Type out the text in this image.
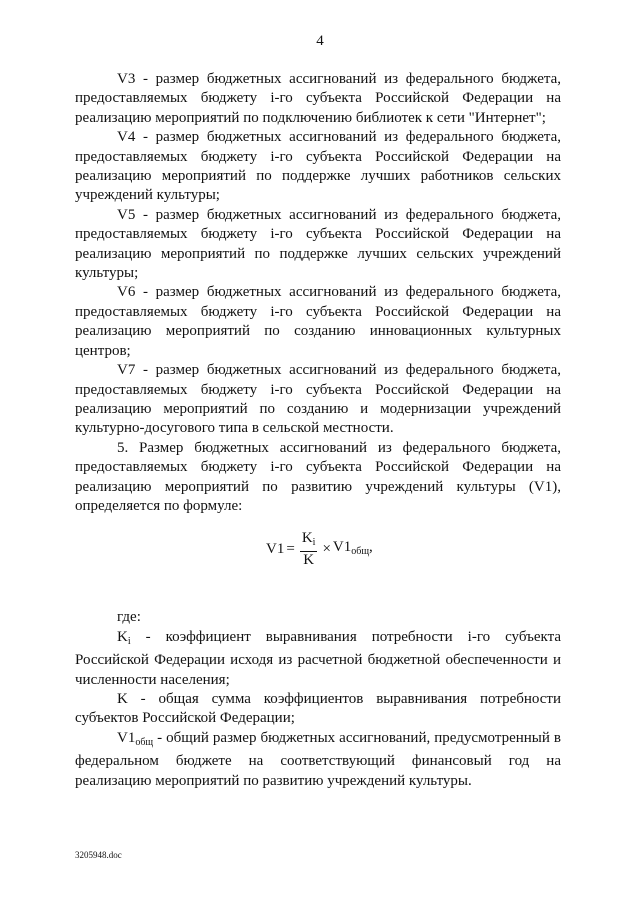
4

V3 - размер бюджетных ассигнований из федерального бюджета, предоставляемых бюджету i-го субъекта Российской Федерации на реализацию мероприятий по подключению библиотек к сети "Интернет";

V4 - размер бюджетных ассигнований из федерального бюджета, предоставляемых бюджету i-го субъекта Российской Федерации на реализацию мероприятий по поддержке лучших работников сельских учреждений культуры;

V5 - размер бюджетных ассигнований из федерального бюджета, предоставляемых бюджету i-го субъекта Российской Федерации на реализацию мероприятий по поддержке лучших сельских учреждений культуры;

V6 - размер бюджетных ассигнований из федерального бюджета, предоставляемых бюджету i-го субъекта Российской Федерации на реализацию мероприятий по созданию инновационных культурных центров;

V7 - размер бюджетных ассигнований из федерального бюджета, предоставляемых бюджету i-го субъекта Российской Федерации на реализацию мероприятий по созданию и модернизации учреждений культурно-досугового типа в сельской местности.

5. Размер бюджетных ассигнований из федерального бюджета, предоставляемых бюджету i-го субъекта Российской Федерации на реализацию мероприятий по развитию учреждений культуры (V1), определяется по формуле:

$V1 = \frac{K_i}{K} \times V1_{общ}$,

где:

$K_i$ - коэффициент выравнивания потребности i-го субъекта Российской Федерации исходя из расчетной бюджетной обеспеченности и численности населения;

K - общая сумма коэффициентов выравнивания потребности субъектов Российской Федерации;

$V1_{общ}$ - общий размер бюджетных ассигнований, предусмотренный в федеральном бюджете на соответствующий финансовый год на реализацию мероприятий по развитию учреждений культуры.

3205948.doc
